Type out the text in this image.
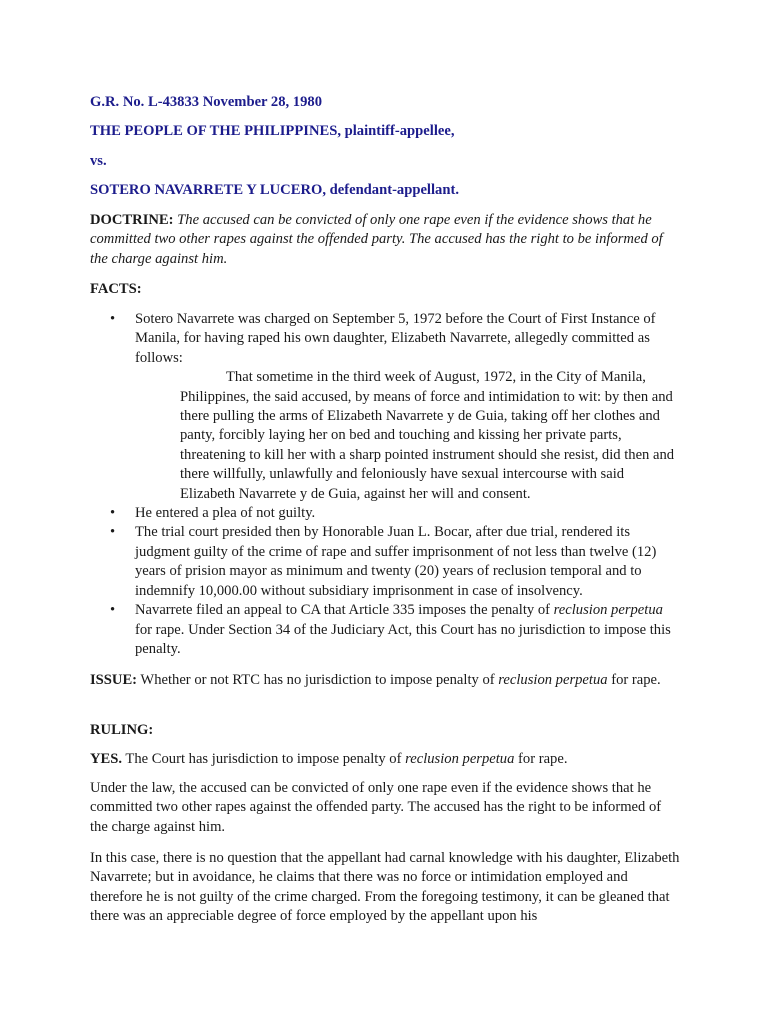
G.R. No. L-43833 November 28, 1980

THE PEOPLE OF THE PHILIPPINES, plaintiff-appellee,

vs.

SOTERO NAVARRETE Y LUCERO, defendant-appellant.

DOCTRINE: The accused can be convicted of only one rape even if the evidence shows that he committed two other rapes against the offended party. The accused has the right to be informed of the charge against him.

FACTS:

• Sotero Navarrete was charged on September 5, 1972 before the Court of First Instance of Manila, for having raped his own daughter, Elizabeth Navarrete, allegedly committed as follows:

That sometime in the third week of August, 1972, in the City of Manila, Philippines, the said accused, by means of force and intimidation to wit: by then and there pulling the arms of Elizabeth Navarrete y de Guia, taking off her clothes and panty, forcibly laying her on bed and touching and kissing her private parts, threatening to kill her with a sharp pointed instrument should she resist, did then and there willfully, unlawfully and feloniously have sexual intercourse with said Elizabeth Navarrete y de Guia, against her will and consent.

• He entered a plea of not guilty.
• The trial court presided then by Honorable Juan L. Bocar, after due trial, rendered its judgment guilty of the crime of rape and suffer imprisonment of not less than twelve (12) years of prision mayor as minimum and twenty (20) years of reclusion temporal and to indemnify 10,000.00 without subsidiary imprisonment in case of insolvency.
• Navarrete filed an appeal to CA that Article 335 imposes the penalty of reclusion perpetua for rape. Under Section 34 of the Judiciary Act, this Court has no jurisdiction to impose this penalty.

ISSUE: Whether or not RTC has no jurisdiction to impose penalty of reclusion perpetua for rape.

RULING:

YES. The Court has jurisdiction to impose penalty of reclusion perpetua for rape.

Under the law, the accused can be convicted of only one rape even if the evidence shows that he committed two other rapes against the offended party. The accused has the right to be informed of the charge against him.

In this case, there is no question that the appellant had carnal knowledge with his daughter, Elizabeth Navarrete; but in avoidance, he claims that there was no force or intimidation employed and therefore he is not guilty of the crime charged. From the foregoing testimony, it can be gleaned that there was an appreciable degree of force employed by the appellant upon his
